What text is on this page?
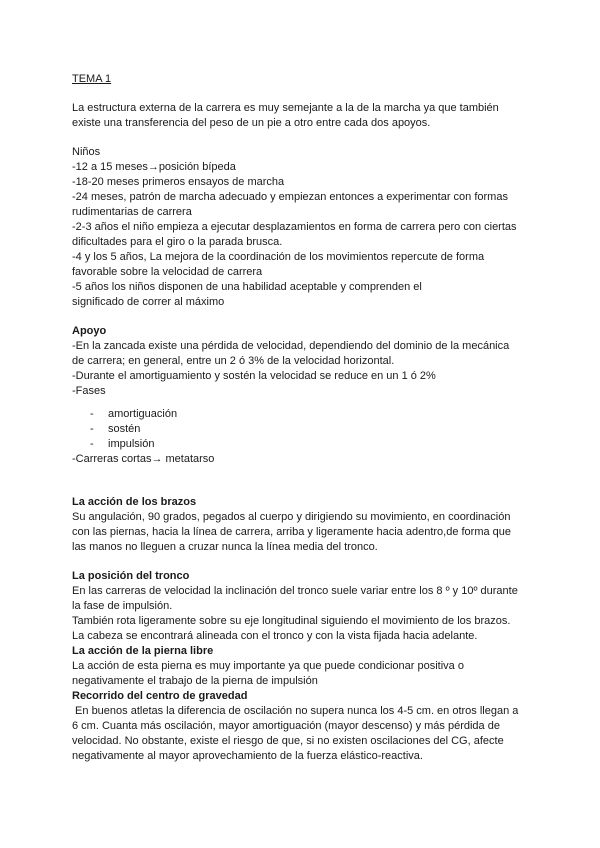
TEMA 1

La estructura externa de la carrera es muy semejante a la de la marcha ya que también

existe una transferencia del peso de un pie a otro entre cada dos apoyos.

Niños

-12 a 15 meses→posición bípeda

-18-20 meses primeros ensayos de marcha

-24 meses, patrón de marcha adecuado y empiezan entonces a experimentar con formas

rudimentarias de carrera

-2-3 años el niño empieza a ejecutar desplazamientos en forma de carrera pero con ciertas

dificultades para el giro o la parada brusca.

-4 y los 5 años, La mejora de la coordinación de los movimientos repercute de forma

favorable sobre la velocidad de carrera

-5 años los niños disponen de una habilidad aceptable y comprenden el

significado de correr al máximo

Apoyo

-En la zancada existe una pérdida de velocidad, dependiendo del dominio de la mecánica

de carrera; en general, entre un 2 ó 3% de la velocidad horizontal.

-Durante el amortiguamiento y sostén la velocidad se reduce en un 1 ó 2%

-Fases

- amortiguación
- sostén
- impulsión

-Carreras cortas→ metatarso

La acción de los brazos

Su angulación, 90 grados, pegados al cuerpo y dirigiendo su movimiento, en coordinación

con las piernas, hacia la línea de carrera, arriba y ligeramente hacia adentro,de forma que

las manos no lleguen a cruzar nunca la línea media del tronco.

La posición del tronco

En las carreras de velocidad la inclinación del tronco suele variar entre los 8 º y 10º durante

la fase de impulsión.

También rota ligeramente sobre su eje longitudinal siguiendo el movimiento de los brazos.

La cabeza se encontrará alineada con el tronco y con la vista fijada hacia adelante.

La acción de la pierna libre

La acción de esta pierna es muy importante ya que puede condicionar positiva o

negativamente el trabajo de la pierna de impulsión

Recorrido del centro de gravedad

En buenos atletas la diferencia de oscilación no supera nunca los 4-5 cm. en otros llegan a

6 cm. Cuanta más oscilación, mayor amortiguación (mayor descenso) y más pérdida de

velocidad. No obstante, existe el riesgo de que, si no existen oscilaciones del CG, afecte

negativamente al mayor aprovechamiento de la fuerza elástico-reactiva.
